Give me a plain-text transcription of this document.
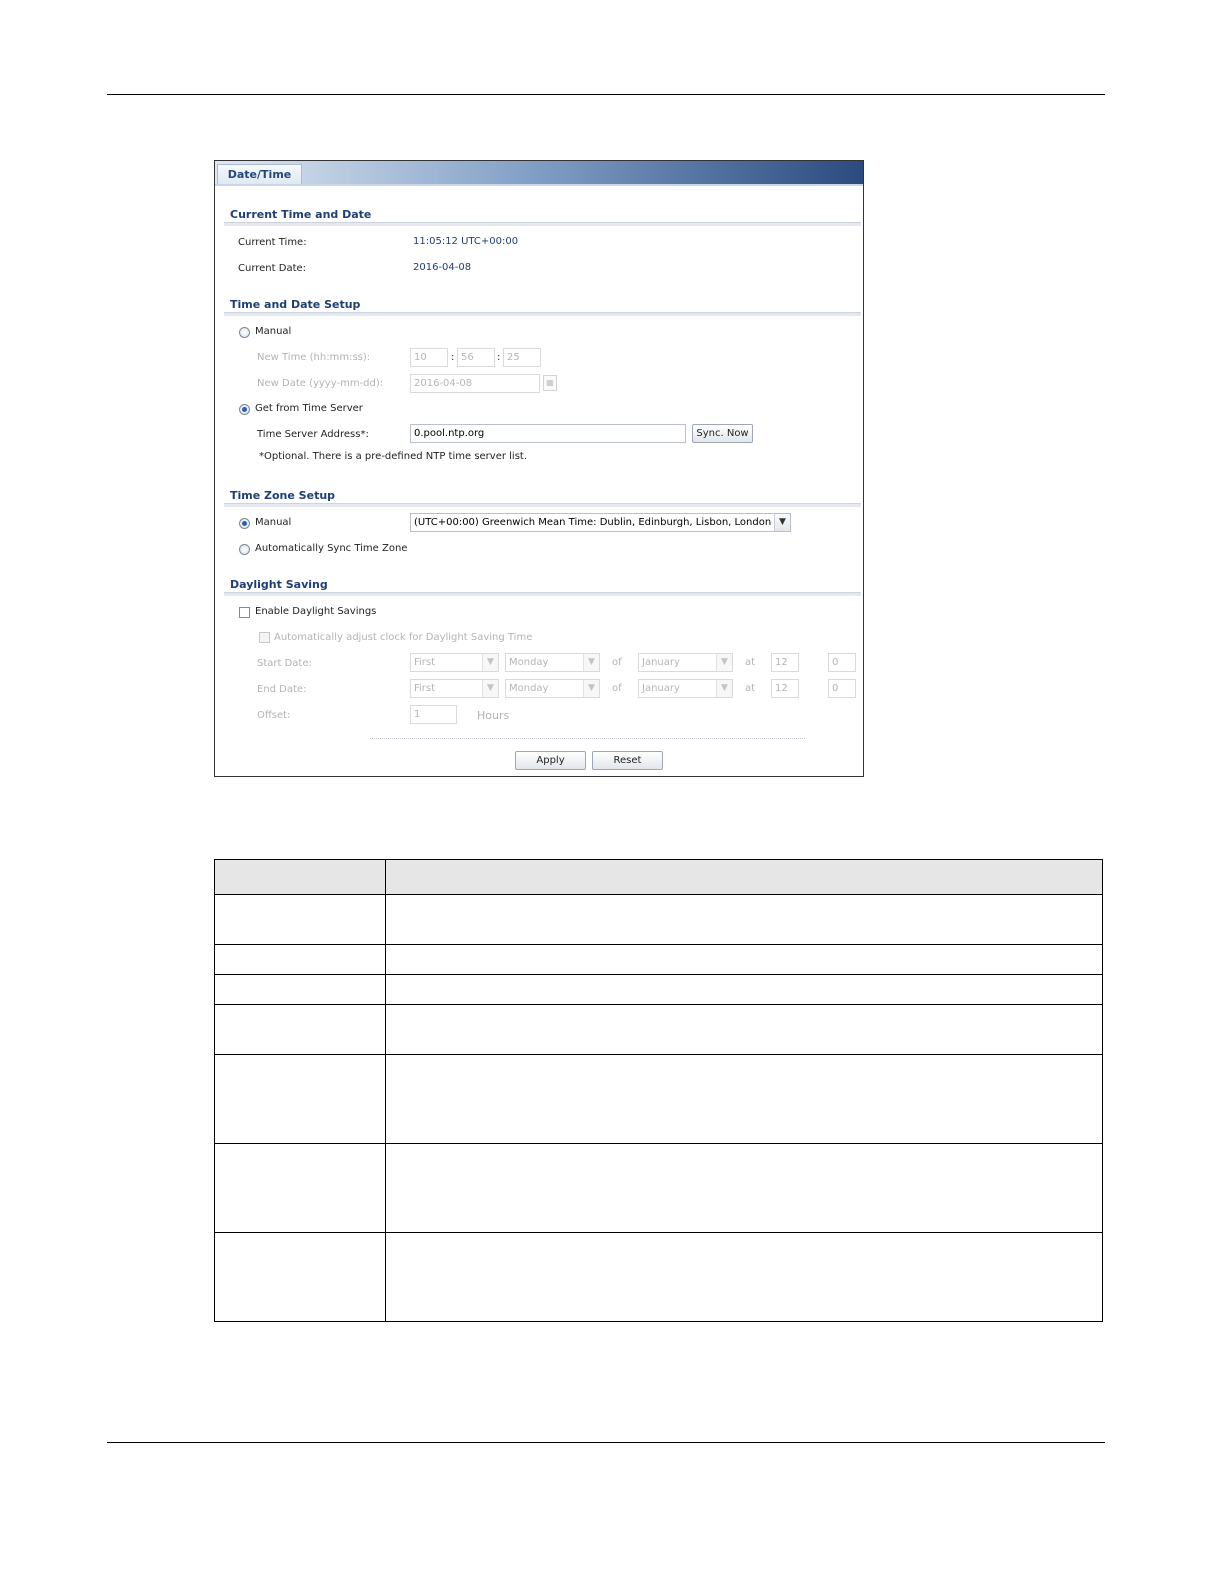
Date/Time
Current Time and Date
Current Time:	11:05:12 UTC+00:00
Current Date:	2016-04-08
Time and Date Setup
Manual
New Time (hh:mm:ss):	10	: 56	: 25
New Date (yyyy-mm-dd):	2016-04-08	▦
Get from Time Server
Time Server Address*:	0.pool.ntp.org	Sync. Now
*Optional. There is a pre-defined NTP time server list.
Time Zone Setup
Manual	(UTC+00:00) Greenwich Mean Time: Dublin, Edinburgh, Lisbon, London ▼
Automatically Sync Time Zone
Daylight Saving
Enable Daylight Savings
Automatically adjust clock for Daylight Saving Time
Start Date:	First	▼	Monday	▼	of	January	▼	at	12	0
End Date:	First	▼	Monday	▼	of	January	▼	at	12	0
Offset:	1	Hours
Apply	Reset
